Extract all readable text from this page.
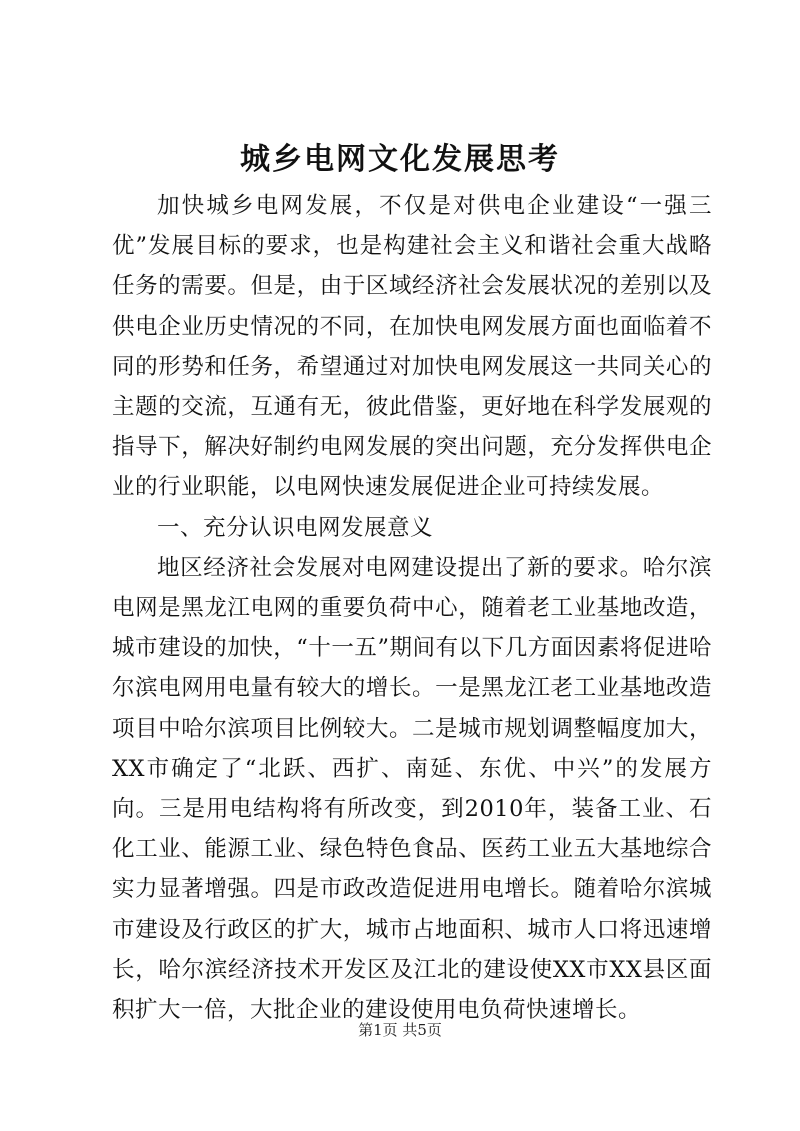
城乡电网文化发展思考

加快城乡电网发展，不仅是对供电企业建设“一强三优”发展目标的要求，也是构建社会主义和谐社会重大战略任务的需要。但是，由于区域经济社会发展状况的差别以及供电企业历史情况的不同，在加快电网发展方面也面临着不同的形势和任务，希望通过对加快电网发展这一共同关心的主题的交流，互通有无，彼此借鉴，更好地在科学发展观的指导下，解决好制约电网发展的突出问题，充分发挥供电企业的行业职能，以电网快速发展促进企业可持续发展。

一、充分认识电网发展意义

地区经济社会发展对电网建设提出了新的要求。哈尔滨电网是黑龙江电网的重要负荷中心，随着老工业基地改造，城市建设的加快，“十一五”期间有以下几方面因素将促进哈尔滨电网用电量有较大的增长。一是黑龙江老工业基地改造项目中哈尔滨项目比例较大。二是城市规划调整幅度加大，XX市确定了“北跃、西扩、南延、东优、中兴”的发展方向。三是用电结构将有所改变，到2010年，装备工业、石化工业、能源工业、绿色特色食品、医药工业五大基地综合实力显著增强。四是市政改造促进用电增长。随着哈尔滨城市建设及行政区的扩大，城市占地面积、城市人口将迅速增长，哈尔滨经济技术开发区及江北的建设使XX市XX县区面积扩大一倍，大批企业的建设使用电负荷快速增长。

第1页 共5页
